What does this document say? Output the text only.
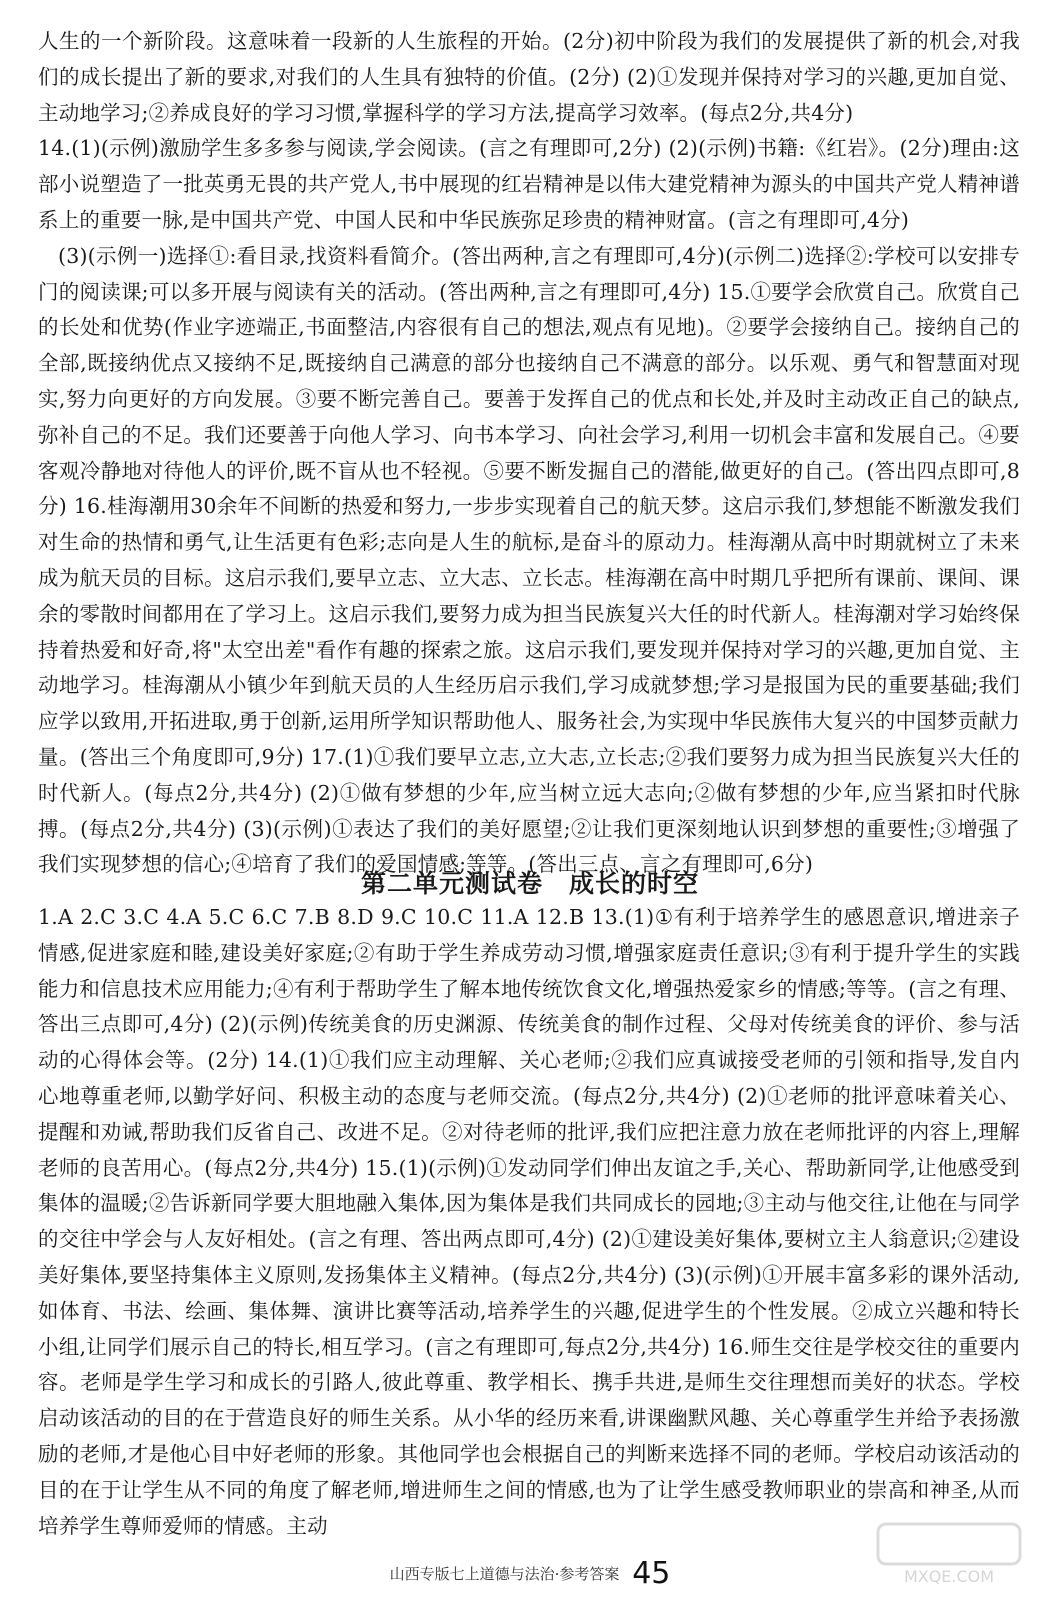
人生的一个新阶段。这意味着一段新的人生旅程的开始。(2分)初中阶段为我们的发展提供了新的机会,对我们的成长提出了新的要求,对我们的人生具有独特的价值。(2分) (2)①发现并保持对学习的兴趣,更加自觉、主动地学习;②养成良好的学习习惯,掌握科学的学习方法,提高学习效率。(每点2分,共4分)

14.(1)(示例)激励学生多多参与阅读,学会阅读。(言之有理即可,2分) (2)(示例)书籍:《红岩》。(2分)理由:这部小说塑造了一批英勇无畏的共产党人,书中展现的红岩精神是以伟大建党精神为源头的中国共产党人精神谱系上的重要一脉,是中国共产党、中国人民和中华民族弥足珍贵的精神财富。(言之有理即可,4分)

(3)(示例一)选择①:看目录,找资料看简介。(答出两种,言之有理即可,4分)(示例二)选择②:学校可以安排专门的阅读课;可以多开展与阅读有关的活动。(答出两种,言之有理即可,4分) 15.①要学会欣赏自己。欣赏自己的长处和优势(作业字迹端正,书面整洁,内容很有自己的想法,观点有见地)。②要学会接纳自己。接纳自己的全部,既接纳优点又接纳不足,既接纳自己满意的部分也接纳自己不满意的部分。以乐观、勇气和智慧面对现实,努力向更好的方向发展。③要不断完善自己。要善于发挥自己的优点和长处,并及时主动改正自己的缺点,弥补自己的不足。我们还要善于向他人学习、向书本学习、向社会学习,利用一切机会丰富和发展自己。④要客观冷静地对待他人的评价,既不盲从也不轻视。⑤要不断发掘自己的潜能,做更好的自己。(答出四点即可,8分) 16.桂海潮用30余年不间断的热爱和努力,一步步实现着自己的航天梦。这启示我们,梦想能不断激发我们对生命的热情和勇气,让生活更有色彩;志向是人生的航标,是奋斗的原动力。桂海潮从高中时期就树立了未来成为航天员的目标。这启示我们,要早立志、立大志、立长志。桂海潮在高中时期几乎把所有课前、课间、课余的零散时间都用在了学习上。这启示我们,要努力成为担当民族复兴大任的时代新人。桂海潮对学习始终保持着热爱和好奇,将"太空出差"看作有趣的探索之旅。这启示我们,要发现并保持对学习的兴趣,更加自觉、主动地学习。桂海潮从小镇少年到航天员的人生经历启示我们,学习成就梦想;学习是报国为民的重要基础;我们应学以致用,开拓进取,勇于创新,运用所学知识帮助他人、服务社会,为实现中华民族伟大复兴的中国梦贡献力量。(答出三个角度即可,9分) 17.(1)①我们要早立志,立大志,立长志;②我们要努力成为担当民族复兴大任的时代新人。(每点2分,共4分) (2)①做有梦想的少年,应当树立远大志向;②做有梦想的少年,应当紧扣时代脉搏。(每点2分,共4分) (3)(示例)①表达了我们的美好愿望;②让我们更深刻地认识到梦想的重要性;③增强了我们实现梦想的信心;④培育了我们的爱国情感;等等。(答出三点、言之有理即可,6分)

第二单元测试卷　成长的时空

1.A 2.C 3.C 4.A 5.C 6.C 7.B 8.D 9.C 10.C 11.A 12.B 13.(1)①有利于培养学生的感恩意识,增进亲子情感,促进家庭和睦,建设美好家庭;②有助于学生养成劳动习惯,增强家庭责任意识;③有利于提升学生的实践能力和信息技术应用能力;④有利于帮助学生了解本地传统饮食文化,增强热爱家乡的情感;等等。(言之有理、答出三点即可,4分) (2)(示例)传统美食的历史渊源、传统美食的制作过程、父母对传统美食的评价、参与活动的心得体会等。(2分) 14.(1)①我们应主动理解、关心老师;②我们应真诚接受老师的引领和指导,发自内心地尊重老师,以勤学好问、积极主动的态度与老师交流。(每点2分,共4分) (2)①老师的批评意味着关心、提醒和劝诫,帮助我们反省自己、改进不足。②对待老师的批评,我们应把注意力放在老师批评的内容上,理解老师的良苦用心。(每点2分,共4分) 15.(1)(示例)①发动同学们伸出友谊之手,关心、帮助新同学,让他感受到集体的温暖;②告诉新同学要大胆地融入集体,因为集体是我们共同成长的园地;③主动与他交往,让他在与同学的交往中学会与人友好相处。(言之有理、答出两点即可,4分) (2)①建设美好集体,要树立主人翁意识;②建设美好集体,要坚持集体主义原则,发扬集体主义精神。(每点2分,共4分) (3)(示例)①开展丰富多彩的课外活动,如体育、书法、绘画、集体舞、演讲比赛等活动,培养学生的兴趣,促进学生的个性发展。②成立兴趣和特长小组,让同学们展示自己的特长,相互学习。(言之有理即可,每点2分,共4分) 16.师生交往是学校交往的重要内容。老师是学生学习和成长的引路人,彼此尊重、教学相长、携手共进,是师生交往理想而美好的状态。学校启动该活动的目的在于营造良好的师生关系。从小华的经历来看,讲课幽默风趣、关心尊重学生并给予表扬激励的老师,才是他心目中好老师的形象。其他同学也会根据自己的判断来选择不同的老师。学校启动该活动的目的在于让学生从不同的角度了解老师,增进师生之间的情感,也为了让学生感受教师职业的崇高和神圣,从而培养学生尊师爱师的情感。主动

山西专版七上道德与法治·参考答案 45	MXQE.COM
